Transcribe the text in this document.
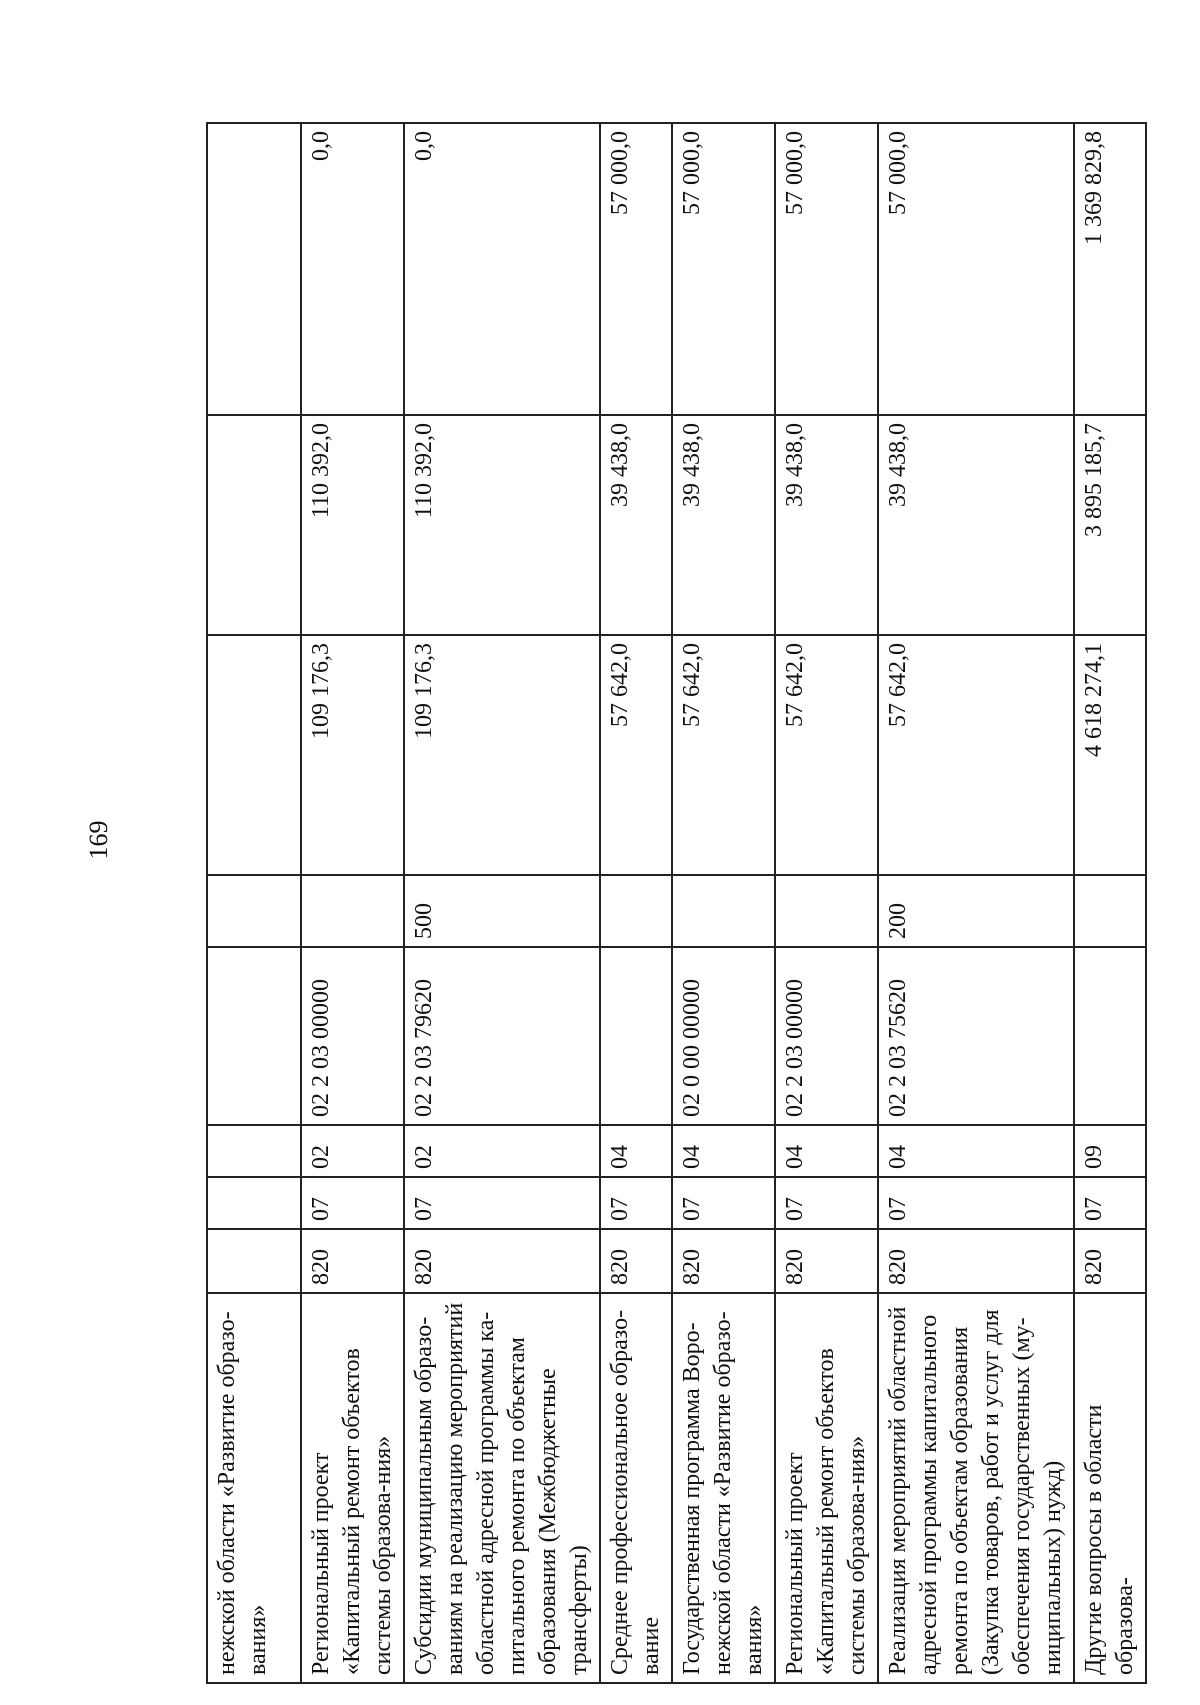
169
нежской области «Развитие образо-вания»								
Региональный проект «Капитальный ремонт объектов системы образова-ния»	820	07	02	02 2 03 00000		109 176,3	110 392,0	0,0
Субсидии муниципальным образо-ваниям на реализацию мероприятий областной адресной программы ка-питального ремонта по объектам образования (Межбюджетные трансферты)	820	07	02	02 2 03 79620	500	109 176,3	110 392,0	0,0
Среднее профессиональное образо-вание	820	07	04			57 642,0	39 438,0	57 000,0
Государственная программа Воро-нежской области «Развитие образо-вания»	820	07	04	02 0 00 00000		57 642,0	39 438,0	57 000,0
Региональный проект «Капитальный ремонт объектов системы образова-ния»	820	07	04	02 2 03 00000		57 642,0	39 438,0	57 000,0
Реализация мероприятий областной адресной программы капитального ремонта по объектам образования (Закупка товаров, работ и услуг для обеспечения государственных (му-ниципальных) нужд)	820	07	04	02 2 03 75620	200	57 642,0	39 438,0	57 000,0
Другие вопросы в области образова-	820	07	09			4 618 274,1	3 895 185,7	1 369 829,8
